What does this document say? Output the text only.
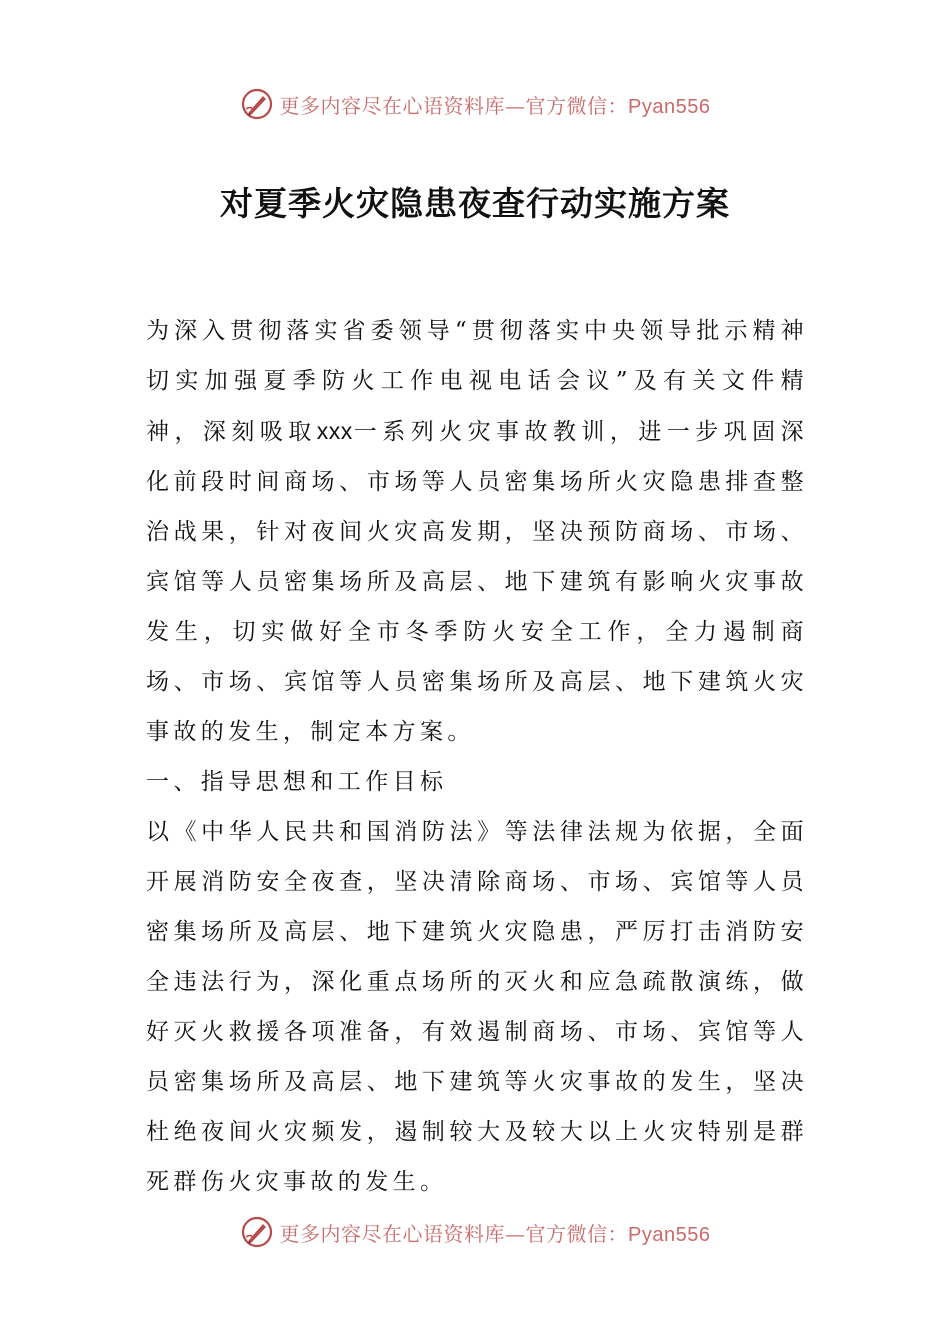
更多内容尽在心语资料库—官方微信：Pyan556
对夏季火灾隐患夜查行动实施方案

为深入贯彻落实省委领导“贯彻落实中央领导批示精神切实加强夏季防火工作电视电话会议”及有关文件精神，深刻吸取xxx一系列火灾事故教训，进一步巩固深化前段时间商场、市场等人员密集场所火灾隐患排查整治战果，针对夜间火灾高发期，坚决预防商场、市场、宾馆等人员密集场所及高层、地下建筑有影响火灾事故发生，切实做好全市冬季防火安全工作，全力遏制商场、市场、宾馆等人员密集场所及高层、地下建筑火灾事故的发生，制定本方案。

一、指导思想和工作目标

以《中华人民共和国消防法》等法律法规为依据，全面开展消防安全夜查，坚决清除商场、市场、宾馆等人员密集场所及高层、地下建筑火灾隐患，严厉打击消防安全违法行为，深化重点场所的灭火和应急疏散演练，做好灭火救援各项准备，有效遏制商场、市场、宾馆等人员密集场所及高层、地下建筑等火灾事故的发生，坚决杜绝夜间火灾频发，遏制较大及较大以上火灾特别是群死群伤火灾事故的发生。

更多内容尽在心语资料库—官方微信：Pyan556
